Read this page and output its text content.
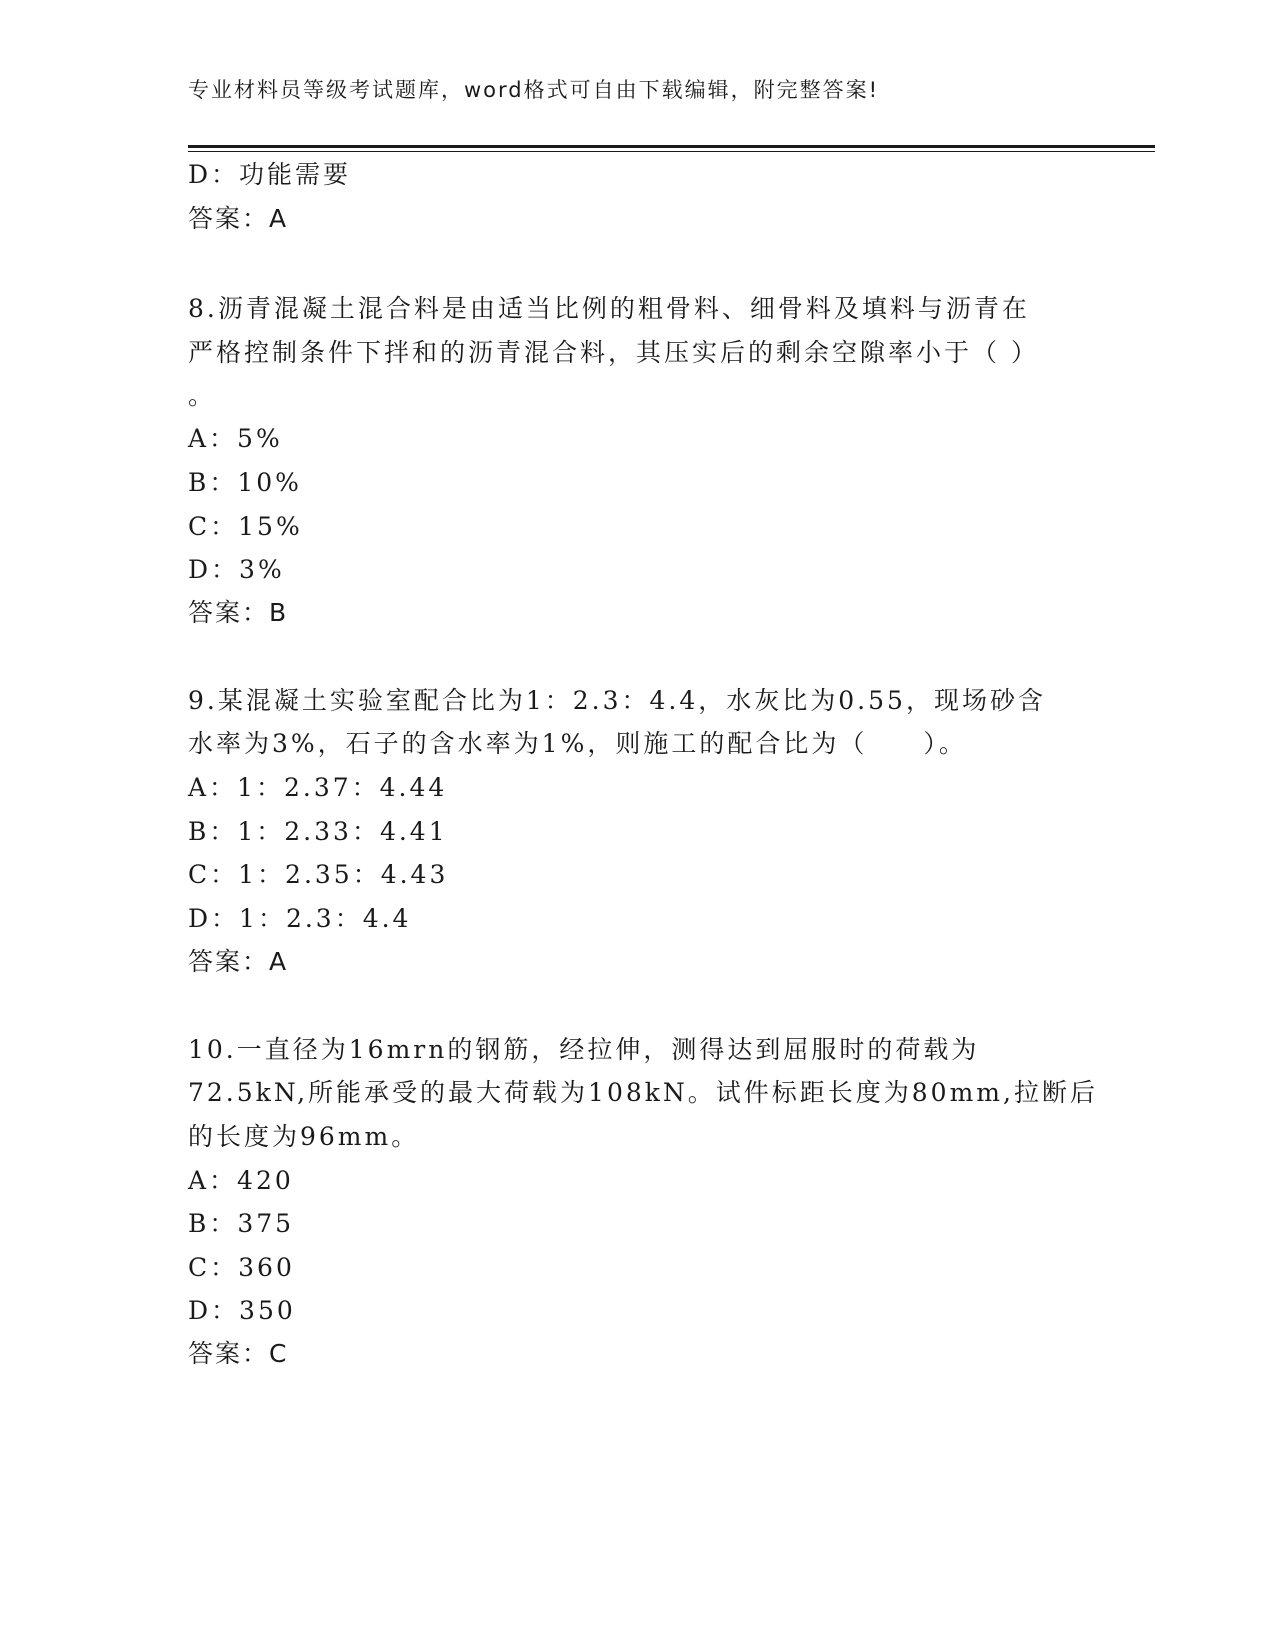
专业材料员等级考试题库，word格式可自由下载编辑，附完整答案!
D：功能需要
答案：A
8.沥青混凝土混合料是由适当比例的粗骨料、细骨料及填料与沥青在
严格控制条件下拌和的沥青混合料，其压实后的剩余空隙率小于（ ）
。
A：5%
B：10%
C：15%
D：3%
答案：B
9.某混凝土实验室配合比为1：2.3：4.4，水灰比为0.55，现场砂含
水率为3%，石子的含水率为1%，则施工的配合比为（　　）。
A：1：2.37：4.44
B：1：2.33：4.41
C：1：2.35：4.43
D：1：2.3：4.4
答案：A
10.一直径为16mrn的钢筋，经拉伸，测得达到屈服时的荷载为
72.5kN,所能承受的最大荷载为108kN。试件标距长度为80mm,拉断后
的长度为96mm。
A：420
B：375
C：360
D：350
答案：C
